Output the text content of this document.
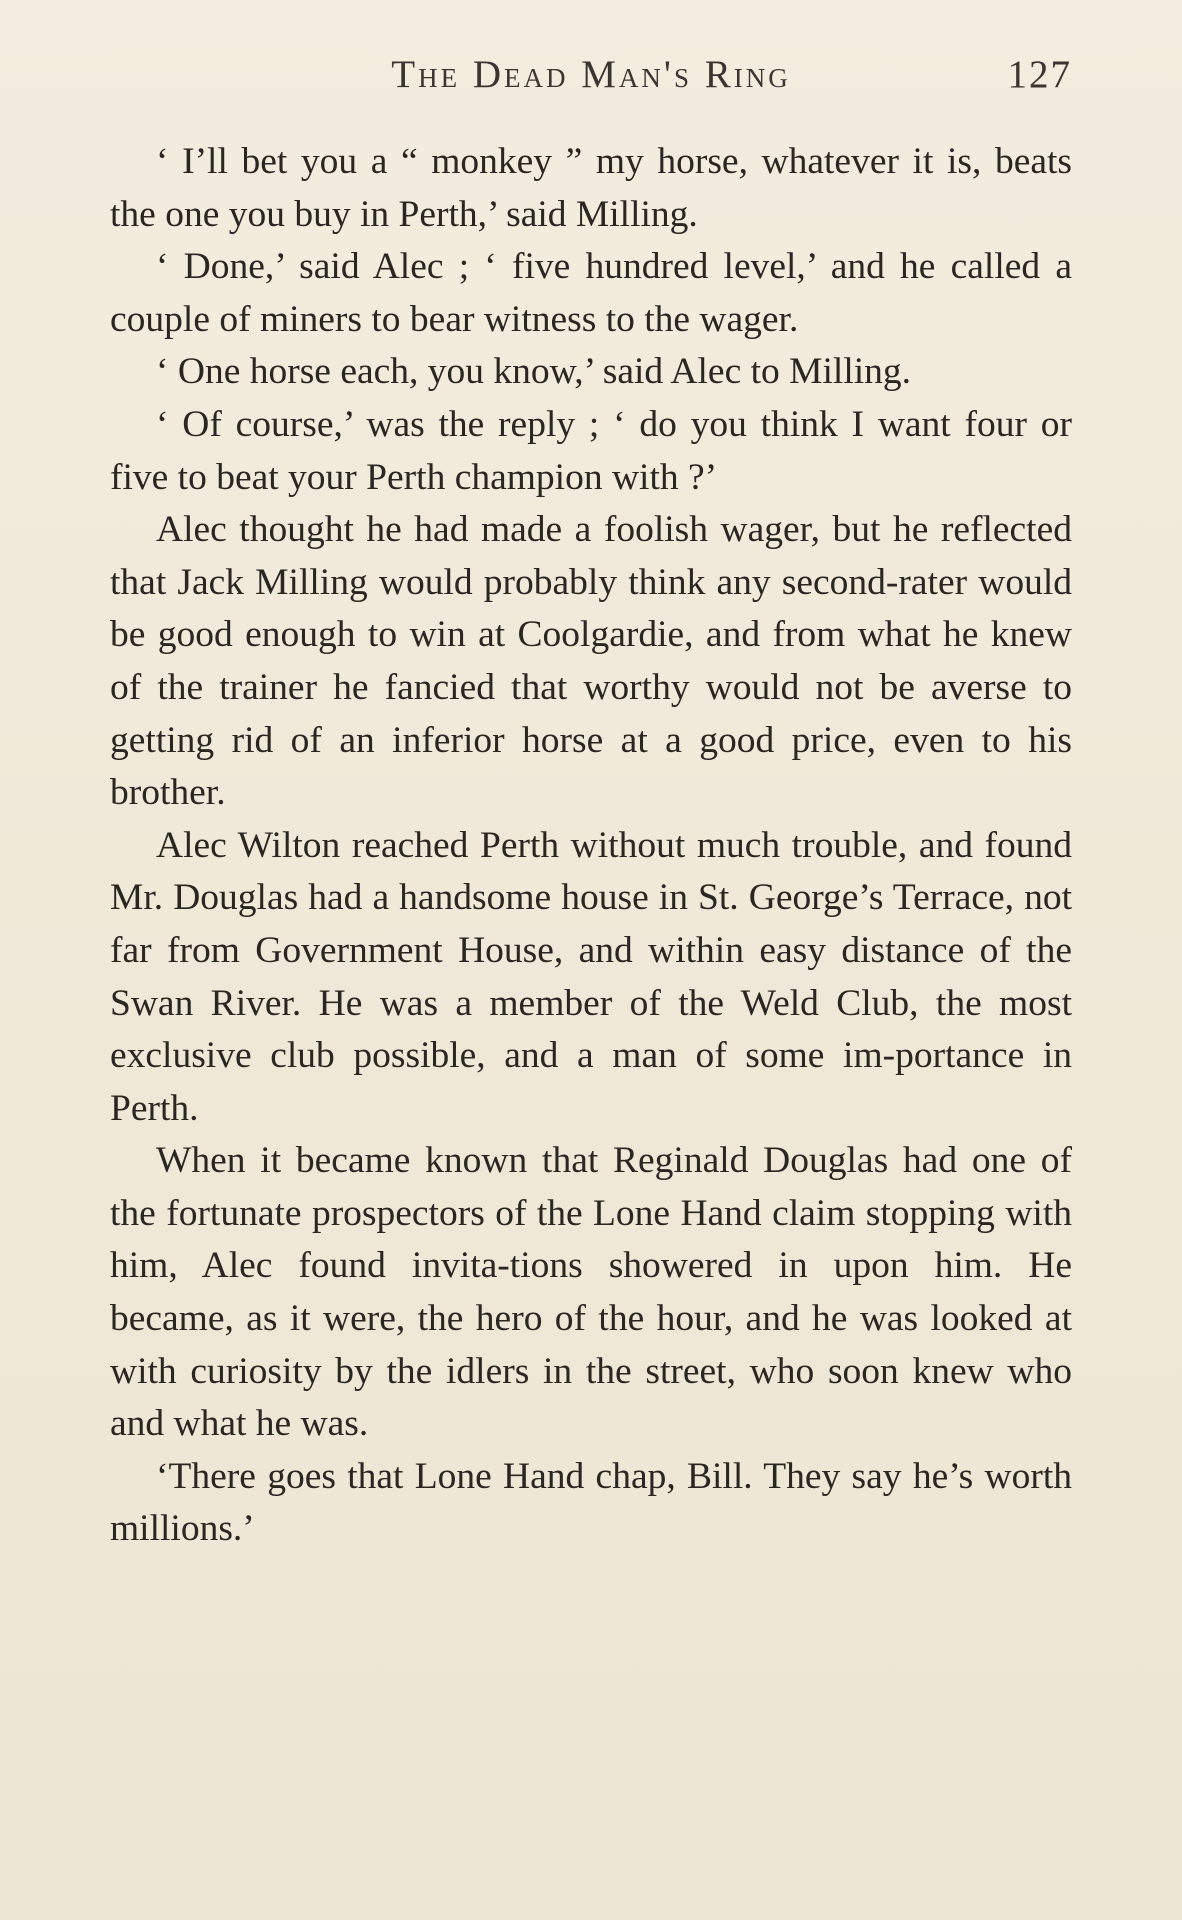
The Dead Man's Ring	127

‘ I’ll bet you a “ monkey ” my horse, whatever it is, beats the one you buy in Perth,’ said Milling.

‘ Done,’ said Alec ; ‘ five hundred level,’ and he called a couple of miners to bear witness to the wager.

‘ One horse each, you know,’ said Alec to Milling.

‘ Of course,’ was the reply ; ‘ do you think I want four or five to beat your Perth champion with ?’

Alec thought he had made a foolish wager, but he reflected that Jack Milling would probably think any second-rater would be good enough to win at Coolgardie, and from what he knew of the trainer he fancied that worthy would not be averse to getting rid of an inferior horse at a good price, even to his brother.

Alec Wilton reached Perth without much trouble, and found Mr. Douglas had a handsome house in St. George’s Terrace, not far from Government House, and within easy distance of the Swan River. He was a member of the Weld Club, the most exclusive club possible, and a man of some im-portance in Perth.

When it became known that Reginald Douglas had one of the fortunate prospectors of the Lone Hand claim stopping with him, Alec found invita-tions showered in upon him. He became, as it were, the hero of the hour, and he was looked at with curiosity by the idlers in the street, who soon knew who and what he was.

‘There goes that Lone Hand chap, Bill. They say he’s worth millions.’
